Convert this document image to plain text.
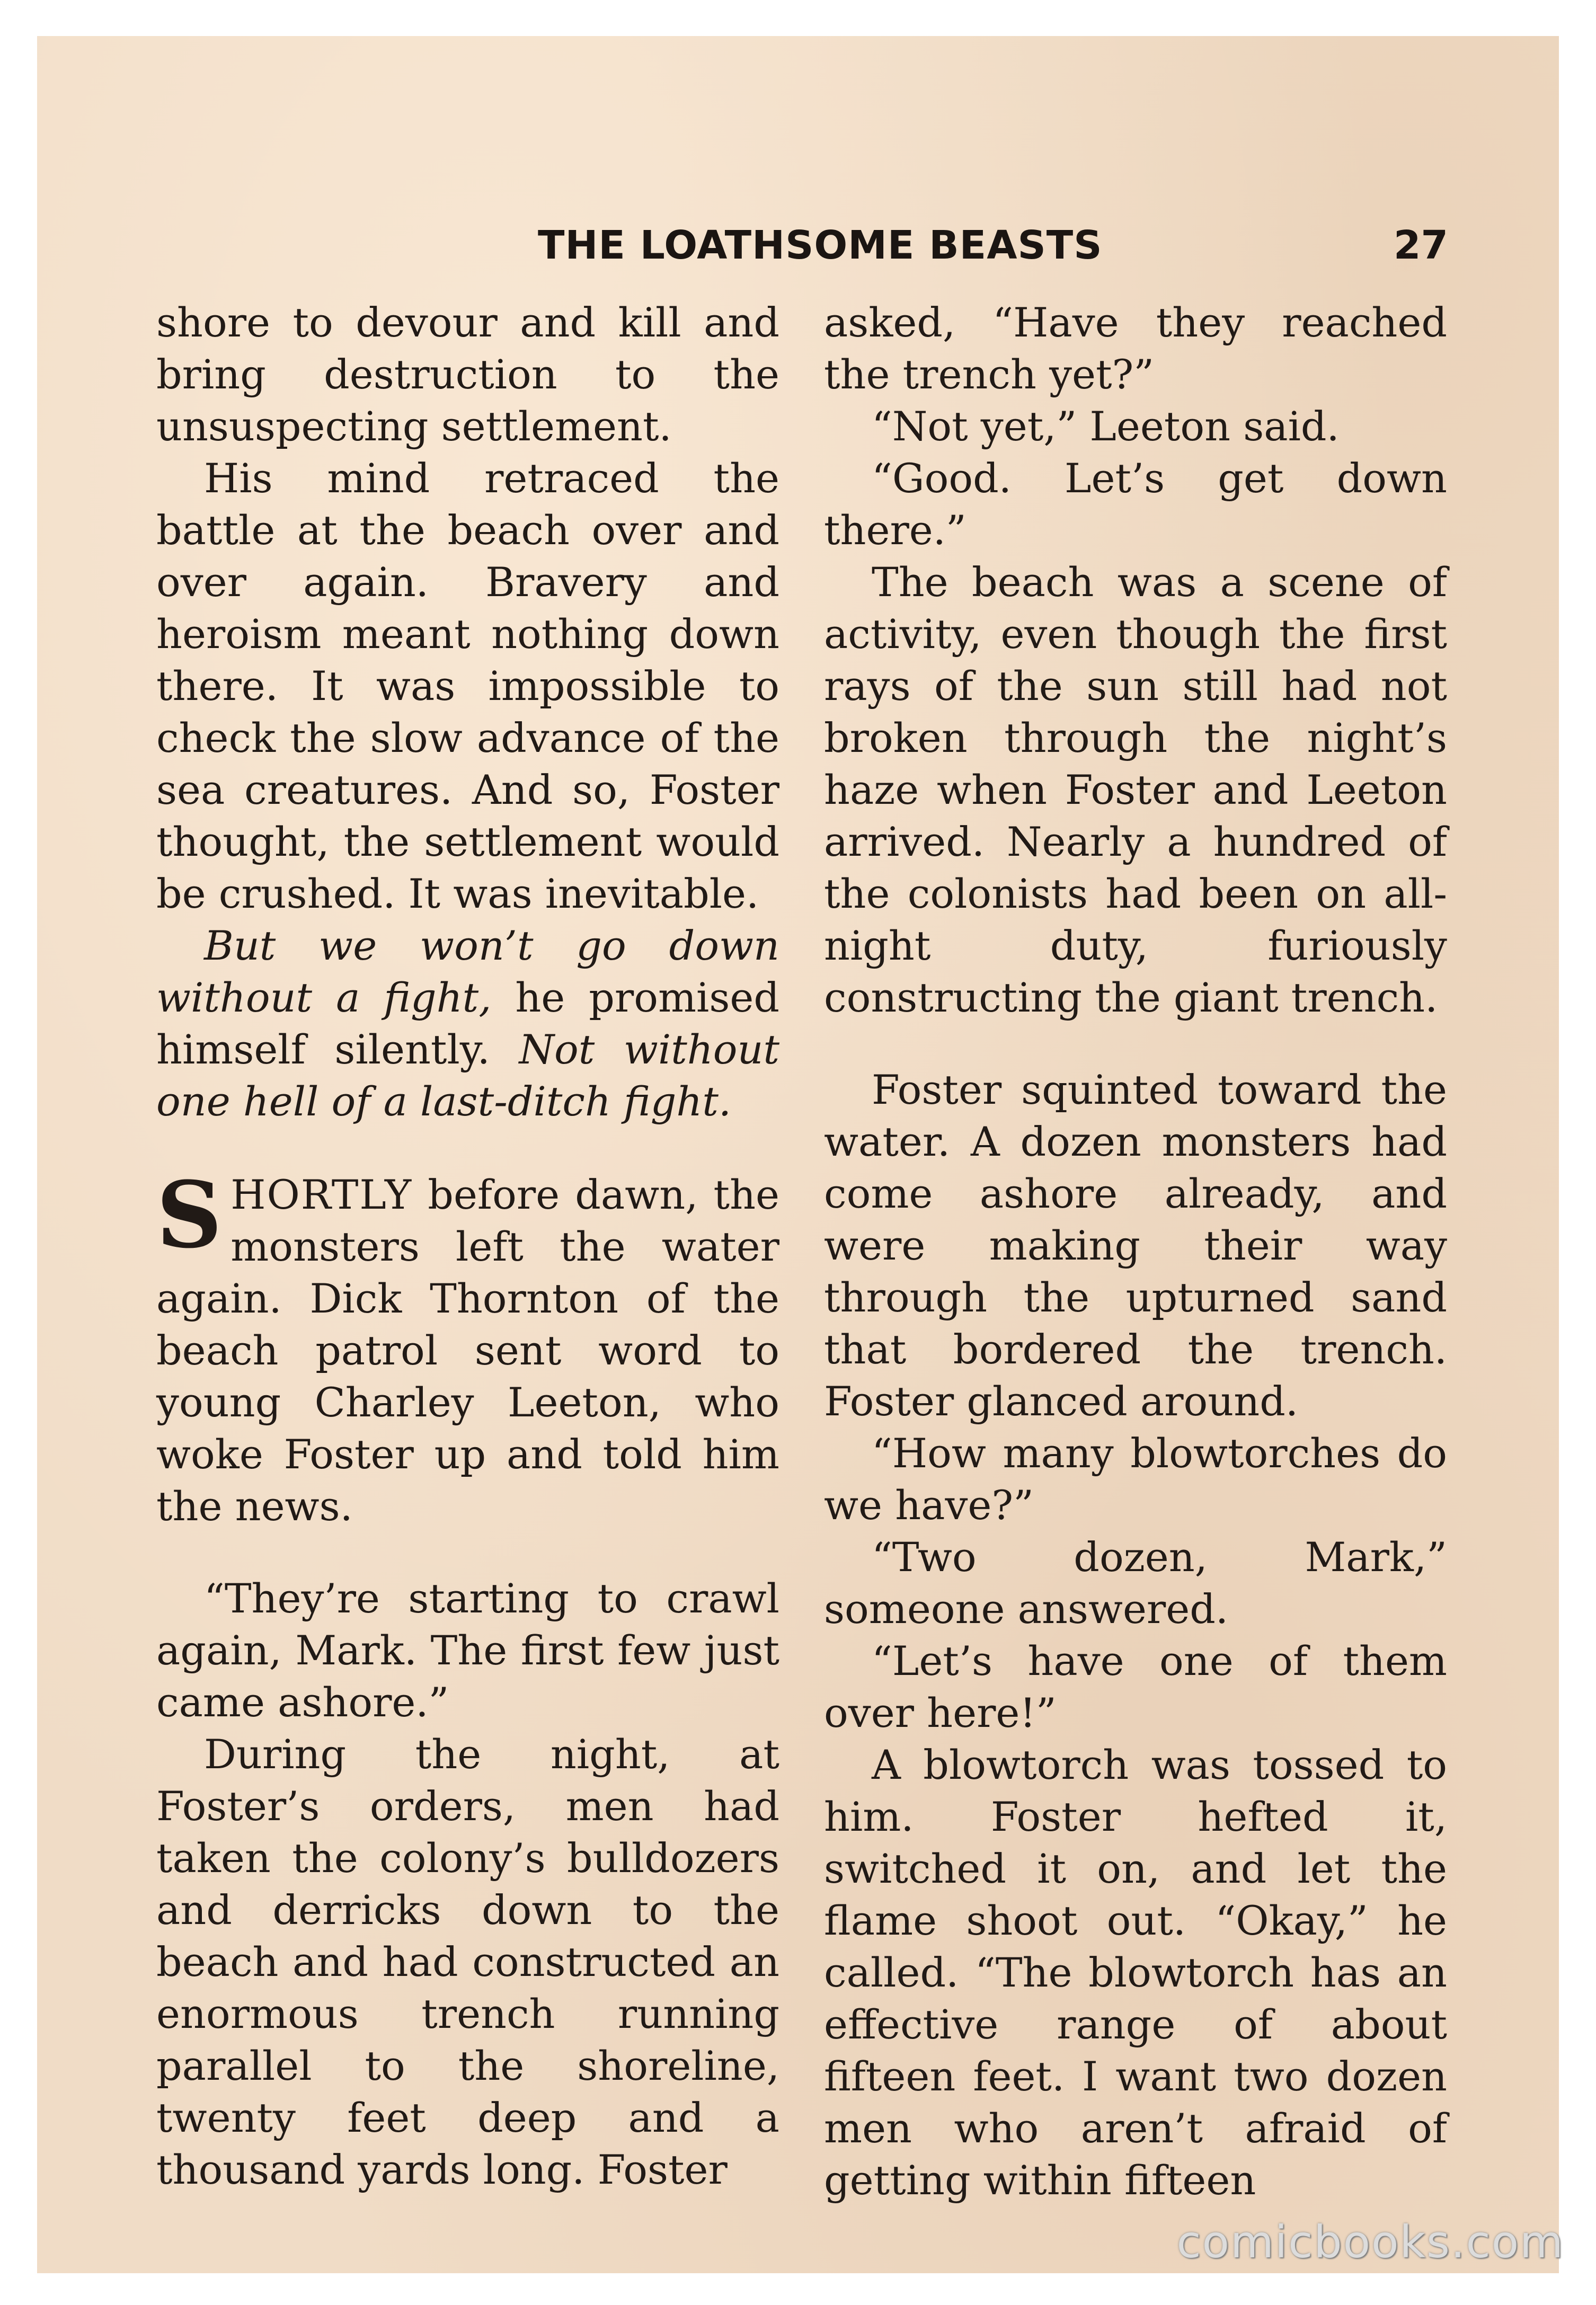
THE LOATHSOME BEASTS	27

shore to devour and kill and bring destruction to the unsuspecting settlement.

His mind retraced the battle at the beach over and over again. Bravery and heroism meant nothing down there. It was impossible to check the slow advance of the sea creatures. And so, Foster thought, the settlement would be crushed. It was inevitable.

But we won’t go down without a fight, he promised himself silently. Not without one hell of a last-ditch fight.

SHORTLY before dawn, the monsters left the water again. Dick Thornton of the beach patrol sent word to young Charley Leeton, who woke Foster up and told him the news.

“They’re starting to crawl again, Mark. The first few just came ashore.”

During the night, at Foster’s orders, men had taken the colony’s bulldozers and derricks down to the beach and had constructed an enormous trench running parallel to the shoreline, twenty feet deep and a thousand yards long. Foster

asked, “Have they reached the trench yet?”

“Not yet,” Leeton said.

“Good. Let’s get down there.”

The beach was a scene of activity, even though the first rays of the sun still had not broken through the night’s haze when Foster and Leeton arrived. Nearly a hundred of the colonists had been on all-night duty, furiously constructing the giant trench.

Foster squinted toward the water. A dozen monsters had come ashore already, and were making their way through the upturned sand that bordered the trench. Foster glanced around.

“How many blowtorches do we have?”

“Two dozen, Mark,” someone answered.

“Let’s have one of them over here!”

A blowtorch was tossed to him. Foster hefted it, switched it on, and let the flame shoot out. “Okay,” he called. “The blowtorch has an effective range of about fifteen feet. I want two dozen men who aren’t afraid of getting within fifteen

comicbooks.com
